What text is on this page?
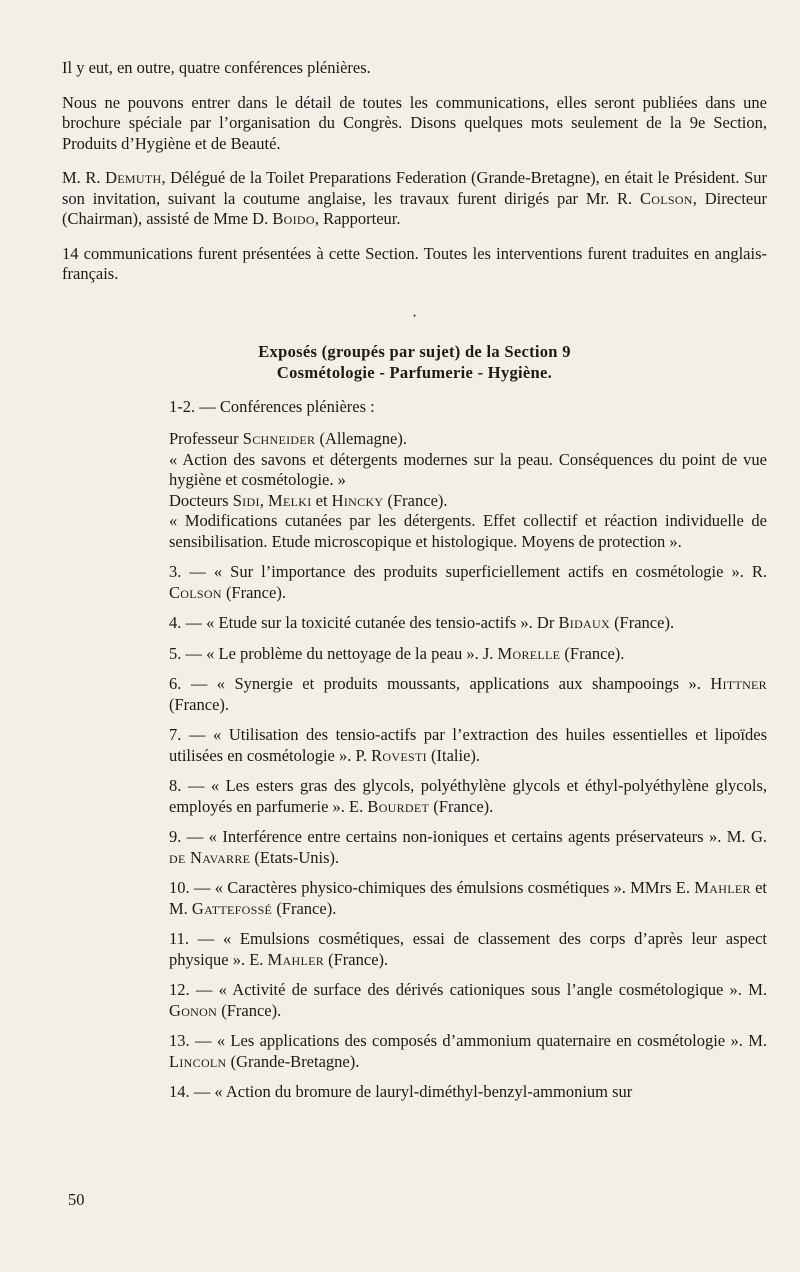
Il y eut, en outre, quatre conférences plénières.

Nous ne pouvons entrer dans le détail de toutes les communications, elles seront publiées dans une brochure spéciale par l’organisation du Congrès. Disons quelques mots seulement de la 9e Section, Produits d’Hygiène et de Beauté.

M. R. Demuth, Délégué de la Toilet Preparations Federation (Grande-Bretagne), en était le Président. Sur son invitation, suivant la coutume anglaise, les travaux furent dirigés par Mr. R. Colson, Directeur (Chairman), assisté de Mme D. Boido, Rapporteur.

14 communications furent présentées à cette Section. Toutes les interventions furent traduites en anglais-français.

·
Exposés (groupés par sujet) de la Section 9
Cosmétologie - Parfumerie - Hygiène.

1-2. — Conférences plénières :

Professeur Schneider (Allemagne).

« Action des savons et détergents modernes sur la peau. Conséquences du point de vue hygiène et cosmétologie. »

Docteurs Sidi, Melki et Hincky (France).

« Modifications cutanées par les détergents. Effet collectif et réaction individuelle de sensibilisation. Etude microscopique et histologique. Moyens de protection ».

3. — « Sur l’importance des produits superficiellement actifs en cosmétologie ». R. Colson (France).

4. — « Etude sur la toxicité cutanée des tensio-actifs ». Dr Bidaux (France).

5. — « Le problème du nettoyage de la peau ». J. Morelle (France).

6. — « Synergie et produits moussants, applications aux shampooings ». Hittner (France).

7. — « Utilisation des tensio-actifs par l’extraction des huiles essentielles et lipoïdes utilisées en cosmétologie ». P. Rovesti (Italie).

8. — « Les esters gras des glycols, polyéthylène glycols et éthyl-polyéthylène glycols, employés en parfumerie ». E. Bourdet (France).

9. — « Interférence entre certains non-ioniques et certains agents préservateurs ». M. G. de Navarre (Etats-Unis).

10. — « Caractères physico-chimiques des émulsions cosmétiques ». MMrs E. Mahler et M. Gattefossé (France).

11. — « Emulsions cosmétiques, essai de classement des corps d’après leur aspect physique ». E. Mahler (France).

12. — « Activité de surface des dérivés cationiques sous l’angle cosmétologique ». M. Gonon (France).

13. — « Les applications des composés d’ammonium quaternaire en cosmétologie ». M. Lincoln (Grande-Bretagne).

14. — « Action du bromure de lauryl-diméthyl-benzyl-ammonium sur

50
